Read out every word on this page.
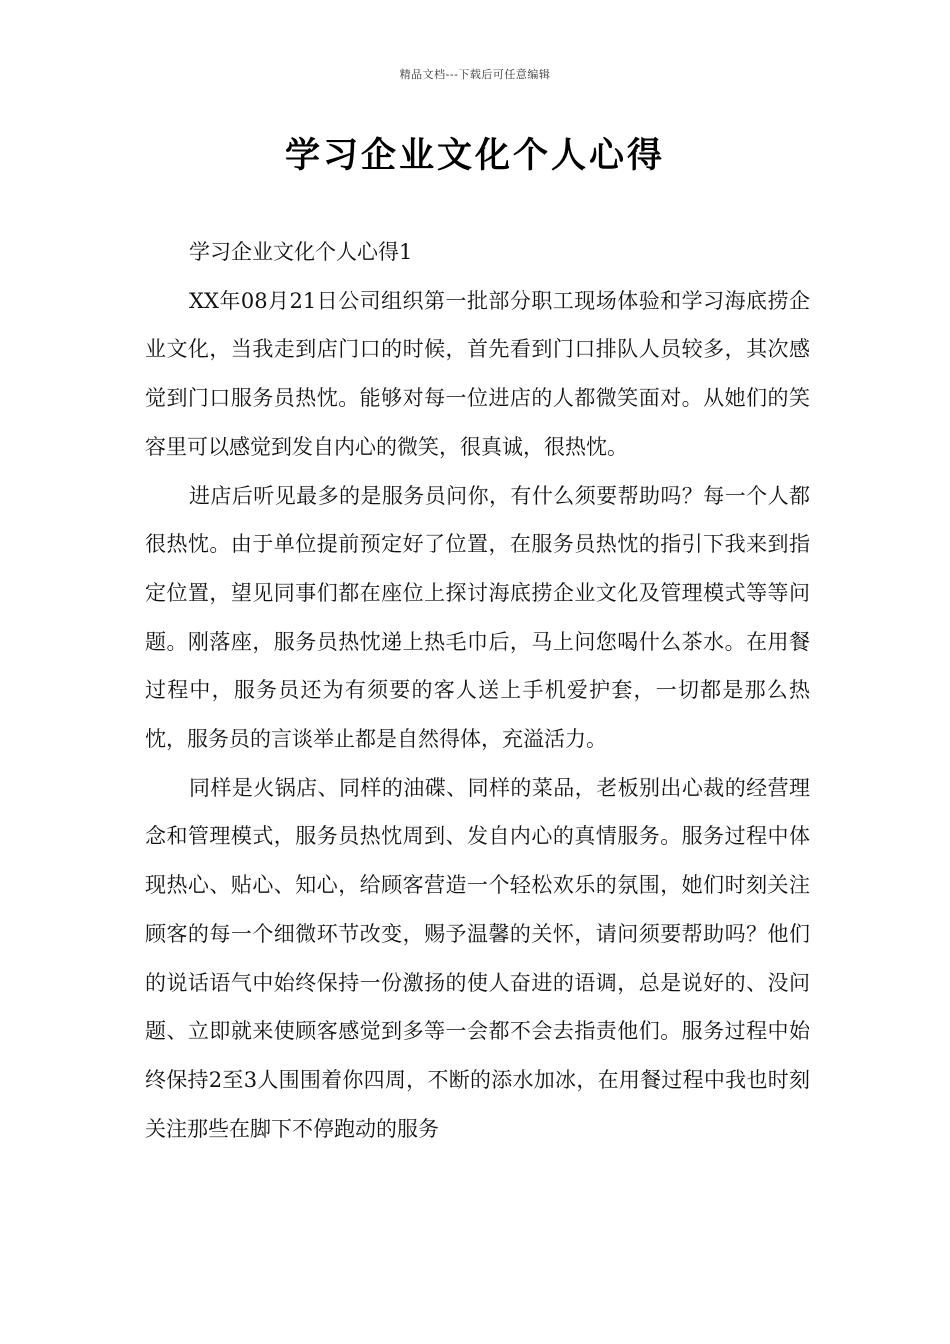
精品文档---下载后可任意编辑
学习企业文化个人心得

学习企业文化个人心得1

XX年08月21日公司组织第一批部分职工现场体验和学习海底捞企业文化，当我走到店门口的时候，首先看到门口排队人员较多，其次感觉到门口服务员热忱。能够对每一位进店的人都微笑面对。从她们的笑容里可以感觉到发自内心的微笑，很真诚，很热忱。

进店后听见最多的是服务员问你，有什么须要帮助吗？每一个人都很热忱。由于单位提前预定好了位置，在服务员热忱的指引下我来到指定位置，望见同事们都在座位上探讨海底捞企业文化及管理模式等等问题。刚落座，服务员热忱递上热毛巾后，马上问您喝什么茶水。在用餐过程中，服务员还为有须要的客人送上手机爱护套，一切都是那么热忱，服务员的言谈举止都是自然得体，充溢活力。

同样是火锅店、同样的油碟、同样的菜品，老板别出心裁的经营理念和管理模式，服务员热忱周到、发自内心的真情服务。服务过程中体现热心、贴心、知心，给顾客营造一个轻松欢乐的氛围，她们时刻关注顾客的每一个细微环节改变，赐予温馨的关怀，请问须要帮助吗？他们的说话语气中始终保持一份激扬的使人奋进的语调，总是说好的、没问题、立即就来使顾客感觉到多等一会都不会去指责他们。服务过程中始终保持2至3人围围着你四周，不断的添水加冰，在用餐过程中我也时刻关注那些在脚下不停跑动的服务
